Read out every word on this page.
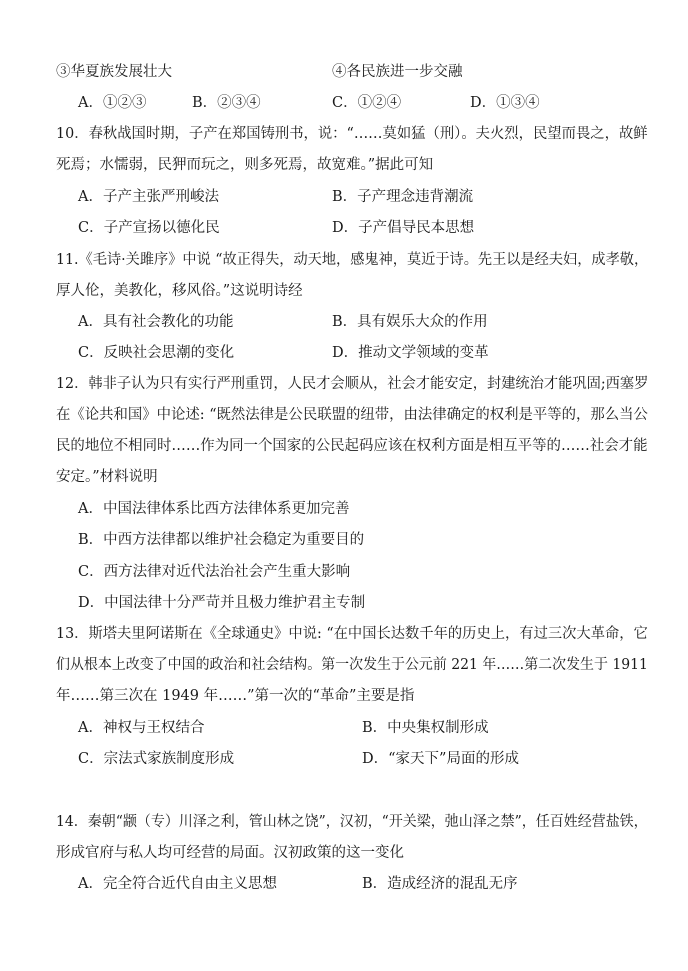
③华夏族发展壮大	④各民族进一步交融
A．①②③	B．②③④	C．①②④	D．①③④
10．春秋战国时期，子产在郑国铸刑书，说：“……莫如猛（刑）。夫火烈，民望而畏之，故鲜
死焉；水懦弱，民狎而玩之，则多死焉，故宽难。”据此可知
A．子产主张严刑峻法	B．子产理念违背潮流
C．子产宣扬以德化民	D．子产倡导民本思想
11.《毛诗·关雎序》中说 “故正得失，动天地，感鬼神，莫近于诗。先王以是经夫妇，成孝敬，
厚人伦，美教化，移风俗。”这说明诗经
A．具有社会教化的功能	B．具有娱乐大众的作用
C．反映社会思潮的变化	D．推动文学领域的变革
12．韩非子认为只有实行严刑重罚，人民才会顺从，社会才能安定，封建统治才能巩固;西塞罗
在《论共和国》中论述: “既然法律是公民联盟的纽带，由法律确定的权利是平等的，那么当公
民的地位不相同时……作为同一个国家的公民起码应该在权利方面是相互平等的……社会才能
安定。”材料说明
A．中国法律体系比西方法律体系更加完善
B．中西方法律都以维护社会稳定为重要目的
C．西方法律对近代法治社会产生重大影响
D．中国法律十分严苛并且极力维护君主专制
13．斯塔夫里阿诺斯在《全球通史》中说: “在中国长达数千年的历史上，有过三次大革命，它
们从根本上改变了中国的政治和社会结构。第一次发生于公元前 221 年……第二次发生于 1911
年……第三次在 1949 年……”第一次的“革命”主要是指
A．神权与王权结合	B．中央集权制形成
C．宗法式家族制度形成	D．“家天下”局面的形成
14．秦朝“颛（专）川泽之利，管山林之饶”，汉初，“开关梁，弛山泽之禁”，任百姓经营盐铁，
形成官府与私人均可经营的局面。汉初政策的这一变化
A．完全符合近代自由主义思想	B．造成经济的混乱无序
